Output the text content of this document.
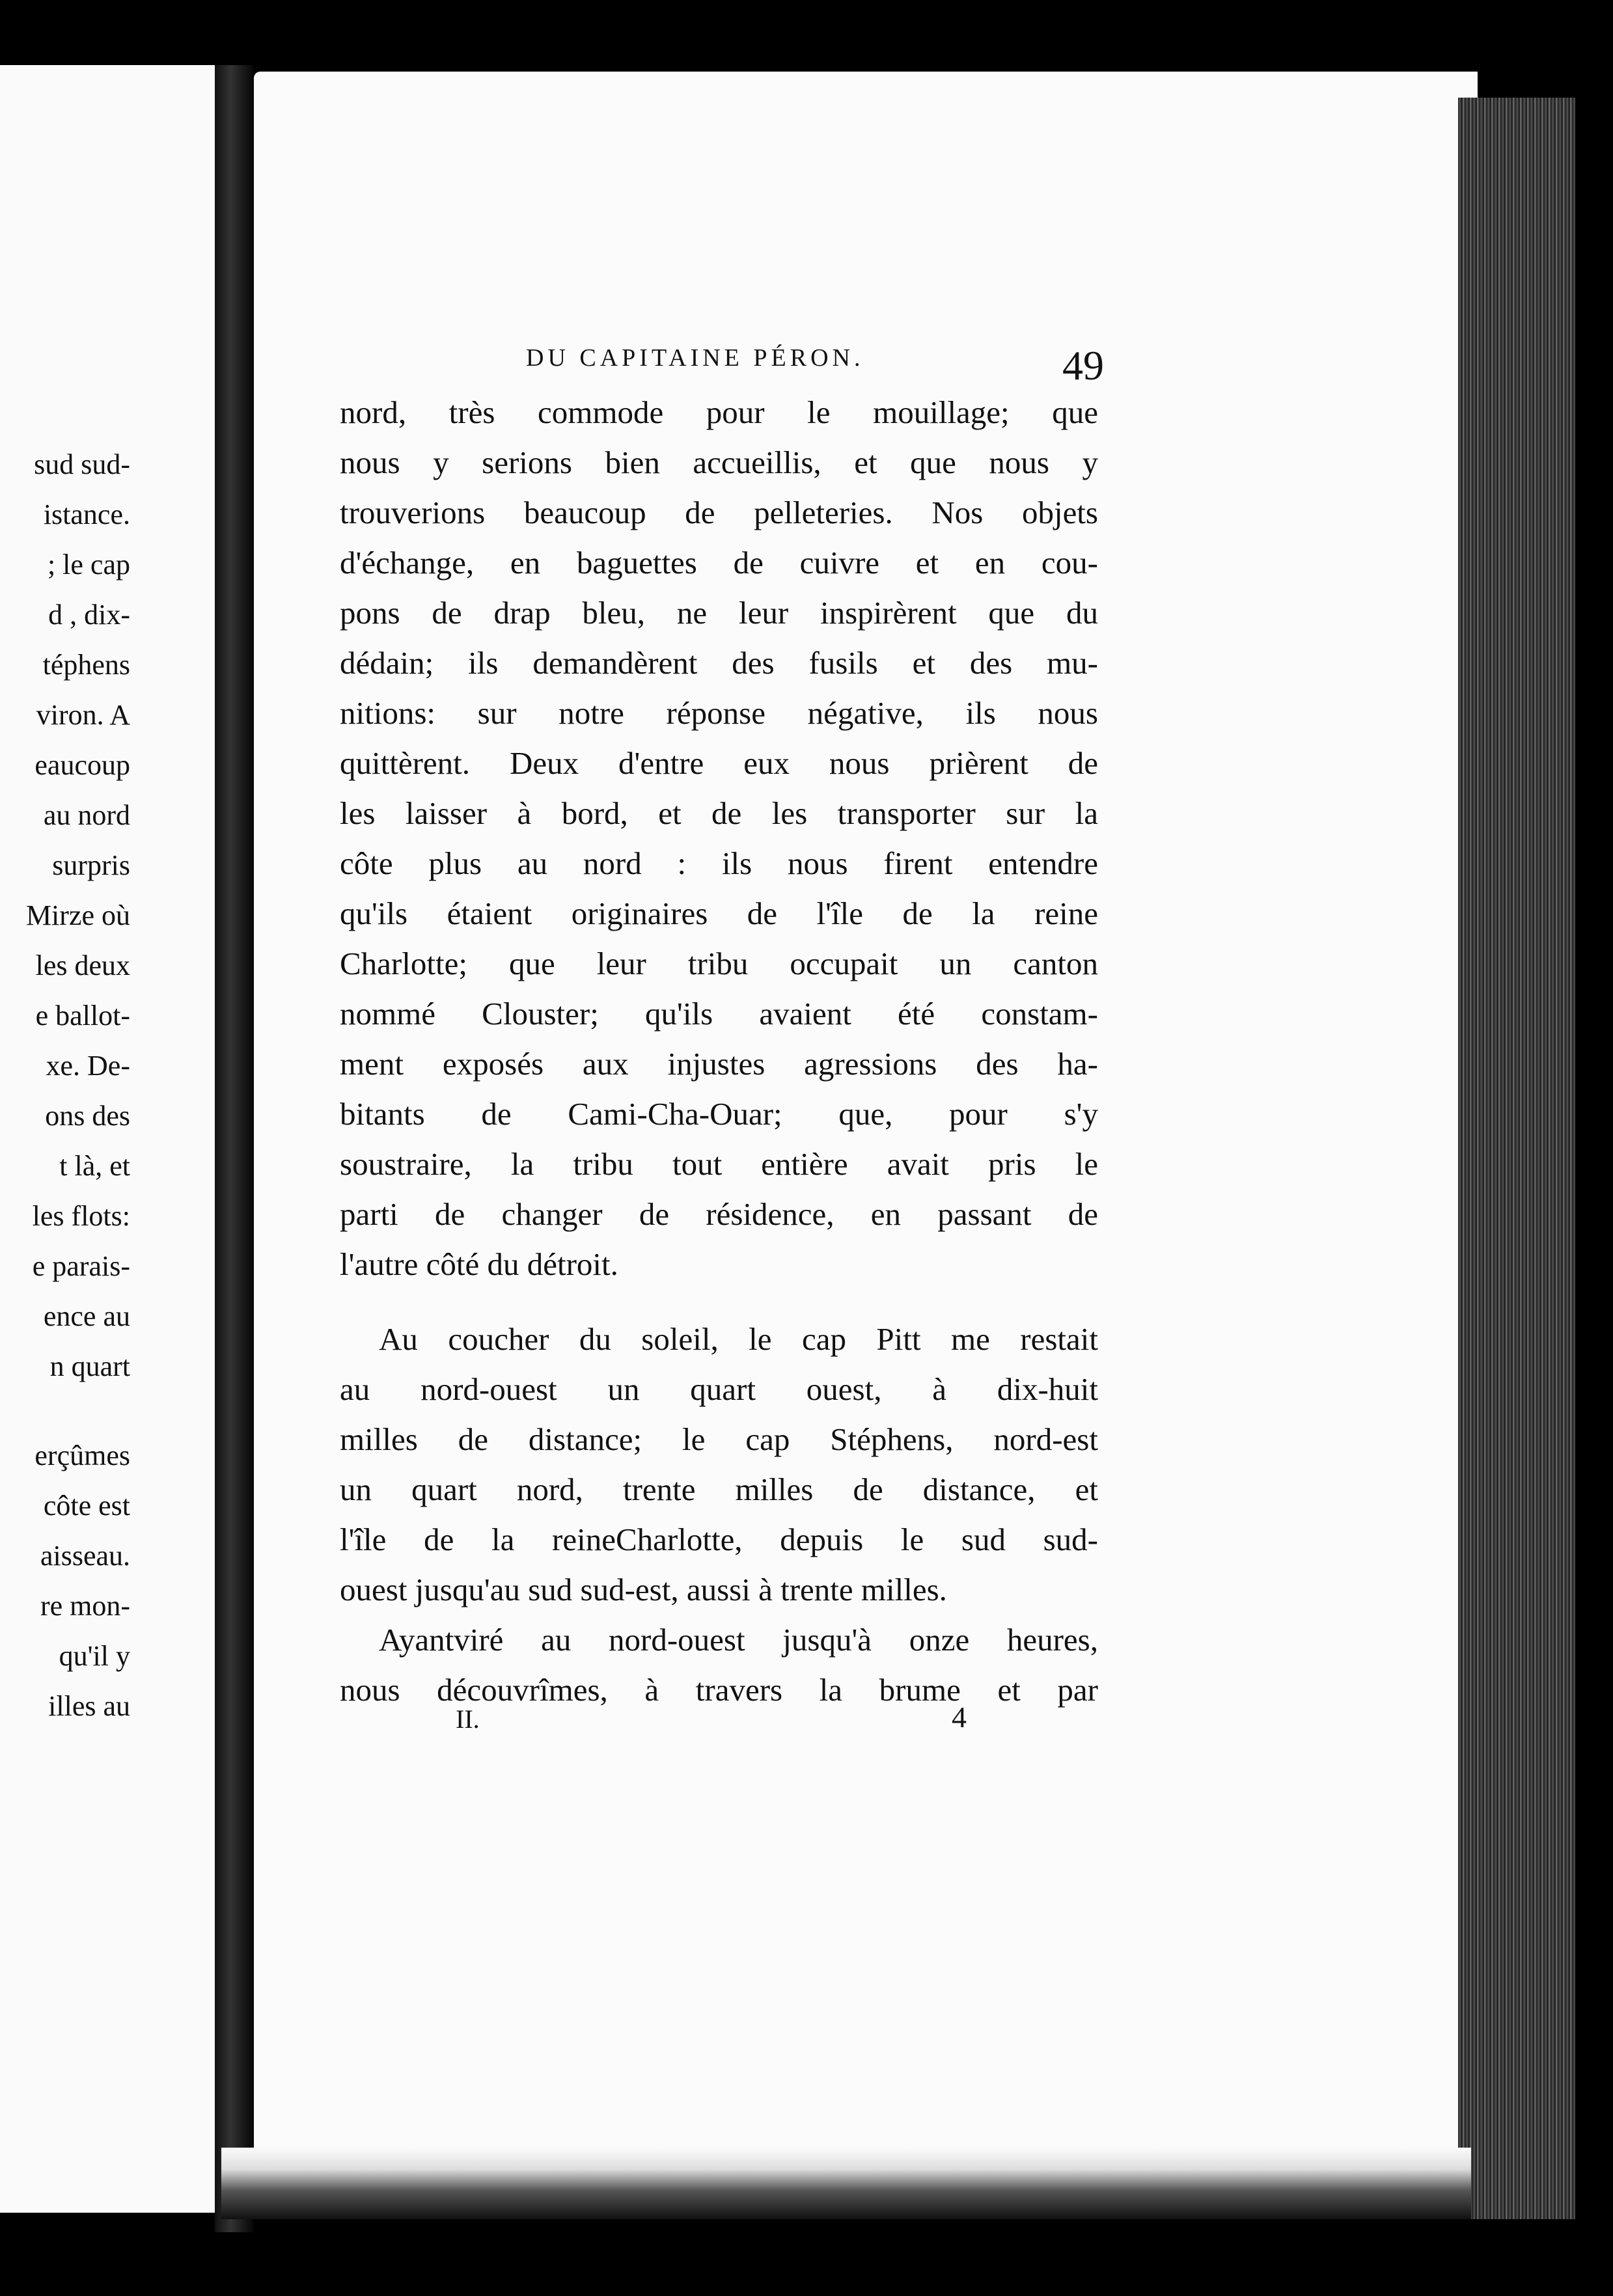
sud sud-
istance.
; le cap
d , dix-
téphens
viron. A
eaucoup
au nord
surpris
Mirze où
les deux
e ballot-
xe. De-
ons des
t là, et
les flots:
e parais-
ence au
n quart
erçûmes
côte est
aisseau.
re mon-
qu'il y
illes au
DU CAPITAINE PÉRON.	49
nord, très commode pour le mouillage; que
nous y serions bien accueillis, et que nous y
trouverions beaucoup de pelleteries. Nos objets
d'échange, en baguettes de cuivre et en cou-
pons de drap bleu, ne leur inspirèrent que du
dédain; ils demandèrent des fusils et des mu-
nitions: sur notre réponse négative, ils nous
quittèrent. Deux d'entre eux nous prièrent de
les laisser à bord, et de les transporter sur la
côte plus au nord : ils nous firent entendre
qu'ils étaient originaires de l'île de la reine
Charlotte; que leur tribu occupait un canton
nommé Clouster; qu'ils avaient été constam-
ment exposés aux injustes agressions des ha-
bitants de Cami-Cha-Ouar; que, pour s'y
soustraire, la tribu tout entière avait pris le
parti de changer de résidence, en passant de
l'autre côté du détroit.
Au coucher du soleil, le cap Pitt me restait
au nord-ouest un quart ouest, à dix-huit
milles de distance; le cap Stéphens, nord-est
un quart nord, trente milles de distance, et
l'île de la reineCharlotte, depuis le sud sud-
ouest jusqu'au sud sud-est, aussi à trente milles.
Ayantviré au nord-ouest jusqu'à onze heures,
nous découvrîmes, à travers la brume et par
II.	4
